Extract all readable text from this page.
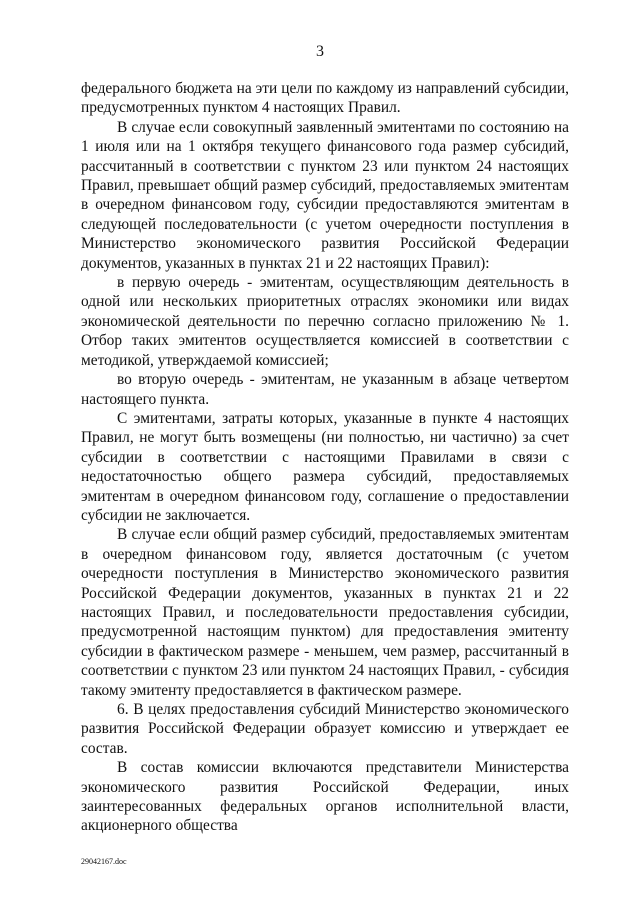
3

федерального бюджета на эти цели по каждому из направлений субсидии, предусмотренных пунктом 4 настоящих Правил.

В случае если совокупный заявленный эмитентами по состоянию на 1 июля или на 1 октября текущего финансового года размер субсидий, рассчитанный в соответствии с пунктом 23 или пунктом 24 настоящих Правил, превышает общий размер субсидий, предоставляемых эмитентам в очередном финансовом году, субсидии предоставляются эмитентам в следующей последовательности (с учетом очередности поступления в Министерство экономического развития Российской Федерации документов, указанных в пунктах 21 и 22 настоящих Правил):

в первую очередь - эмитентам, осуществляющим деятельность в одной или нескольких приоритетных отраслях экономики или видах экономической деятельности по перечню согласно приложению № 1. Отбор таких эмитентов осуществляется комиссией в соответствии с методикой, утверждаемой комиссией;

во вторую очередь - эмитентам, не указанным в абзаце четвертом настоящего пункта.

С эмитентами, затраты которых, указанные в пункте 4 настоящих Правил, не могут быть возмещены (ни полностью, ни частично) за счет субсидии в соответствии с настоящими Правилами в связи с недостаточностью общего размера субсидий, предоставляемых эмитентам в очередном финансовом году, соглашение о предоставлении субсидии не заключается.

В случае если общий размер субсидий, предоставляемых эмитентам в очередном финансовом году, является достаточным (с учетом очередности поступления в Министерство экономического развития Российской Федерации документов, указанных в пунктах 21 и 22 настоящих Правил, и последовательности предоставления субсидии, предусмотренной настоящим пунктом) для предоставления эмитенту субсидии в фактическом размере - меньшем, чем размер, рассчитанный в соответствии с пунктом 23 или пунктом 24 настоящих Правил, - субсидия такому эмитенту предоставляется в фактическом размере.

6. В целях предоставления субсидий Министерство экономического развития Российской Федерации образует комиссию и утверждает ее состав.

В состав комиссии включаются представители Министерства экономического развития Российской Федерации, иных заинтересованных федеральных органов исполнительной власти, акционерного общества

29042167.doc
